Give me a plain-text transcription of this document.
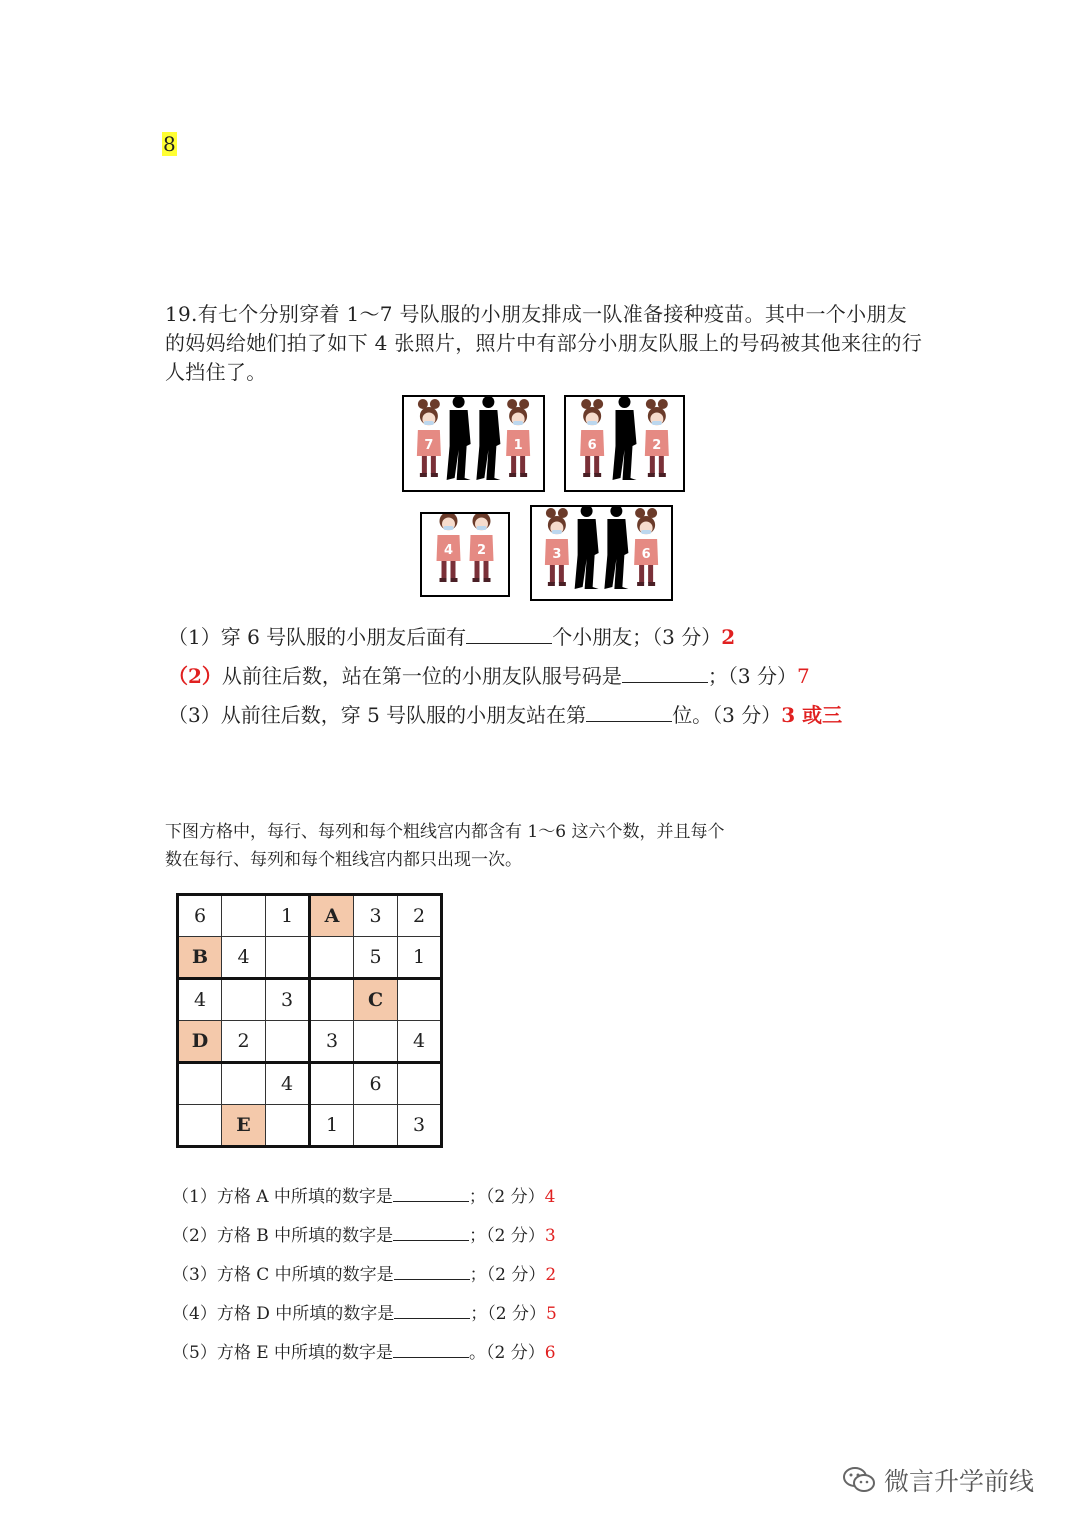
8
19.有七个分别穿着 1～7 号队服的小朋友排成一队准备接种疫苗。其中一个小朋友的妈妈给她们拍了如下 4 张照片，照片中有部分小朋友队服上的号码被其他来往的行人挡住了。
7	1	6	2
4 2	3	6
（1）穿 6 号队服的小朋友后面有	个小朋友；（3 分）2
（2）从前往后数，站在第一位的小朋友队服号码是	；（3 分）7
（3）从前往后数，穿 5 号队服的小朋友站在第	位。（3 分）3 或三
下图方格中，每行、每列和每个粗线宫内都含有 1～6 这六个数，并且每个
数在每行、每列和每个粗线宫内都只出现一次。
6		1	A	3	2
B	4			5	1
4		3		C	
D	2		3		4
		4		6	
	E		1		3
（1）方格 A 中所填的数字是	；（2 分）4
（2）方格 B 中所填的数字是	；（2 分）3
（3）方格 C 中所填的数字是	；（2 分）2
（4）方格 D 中所填的数字是	；（2 分）5
（5）方格 E 中所填的数字是	。（2 分）6
微言升学前线
